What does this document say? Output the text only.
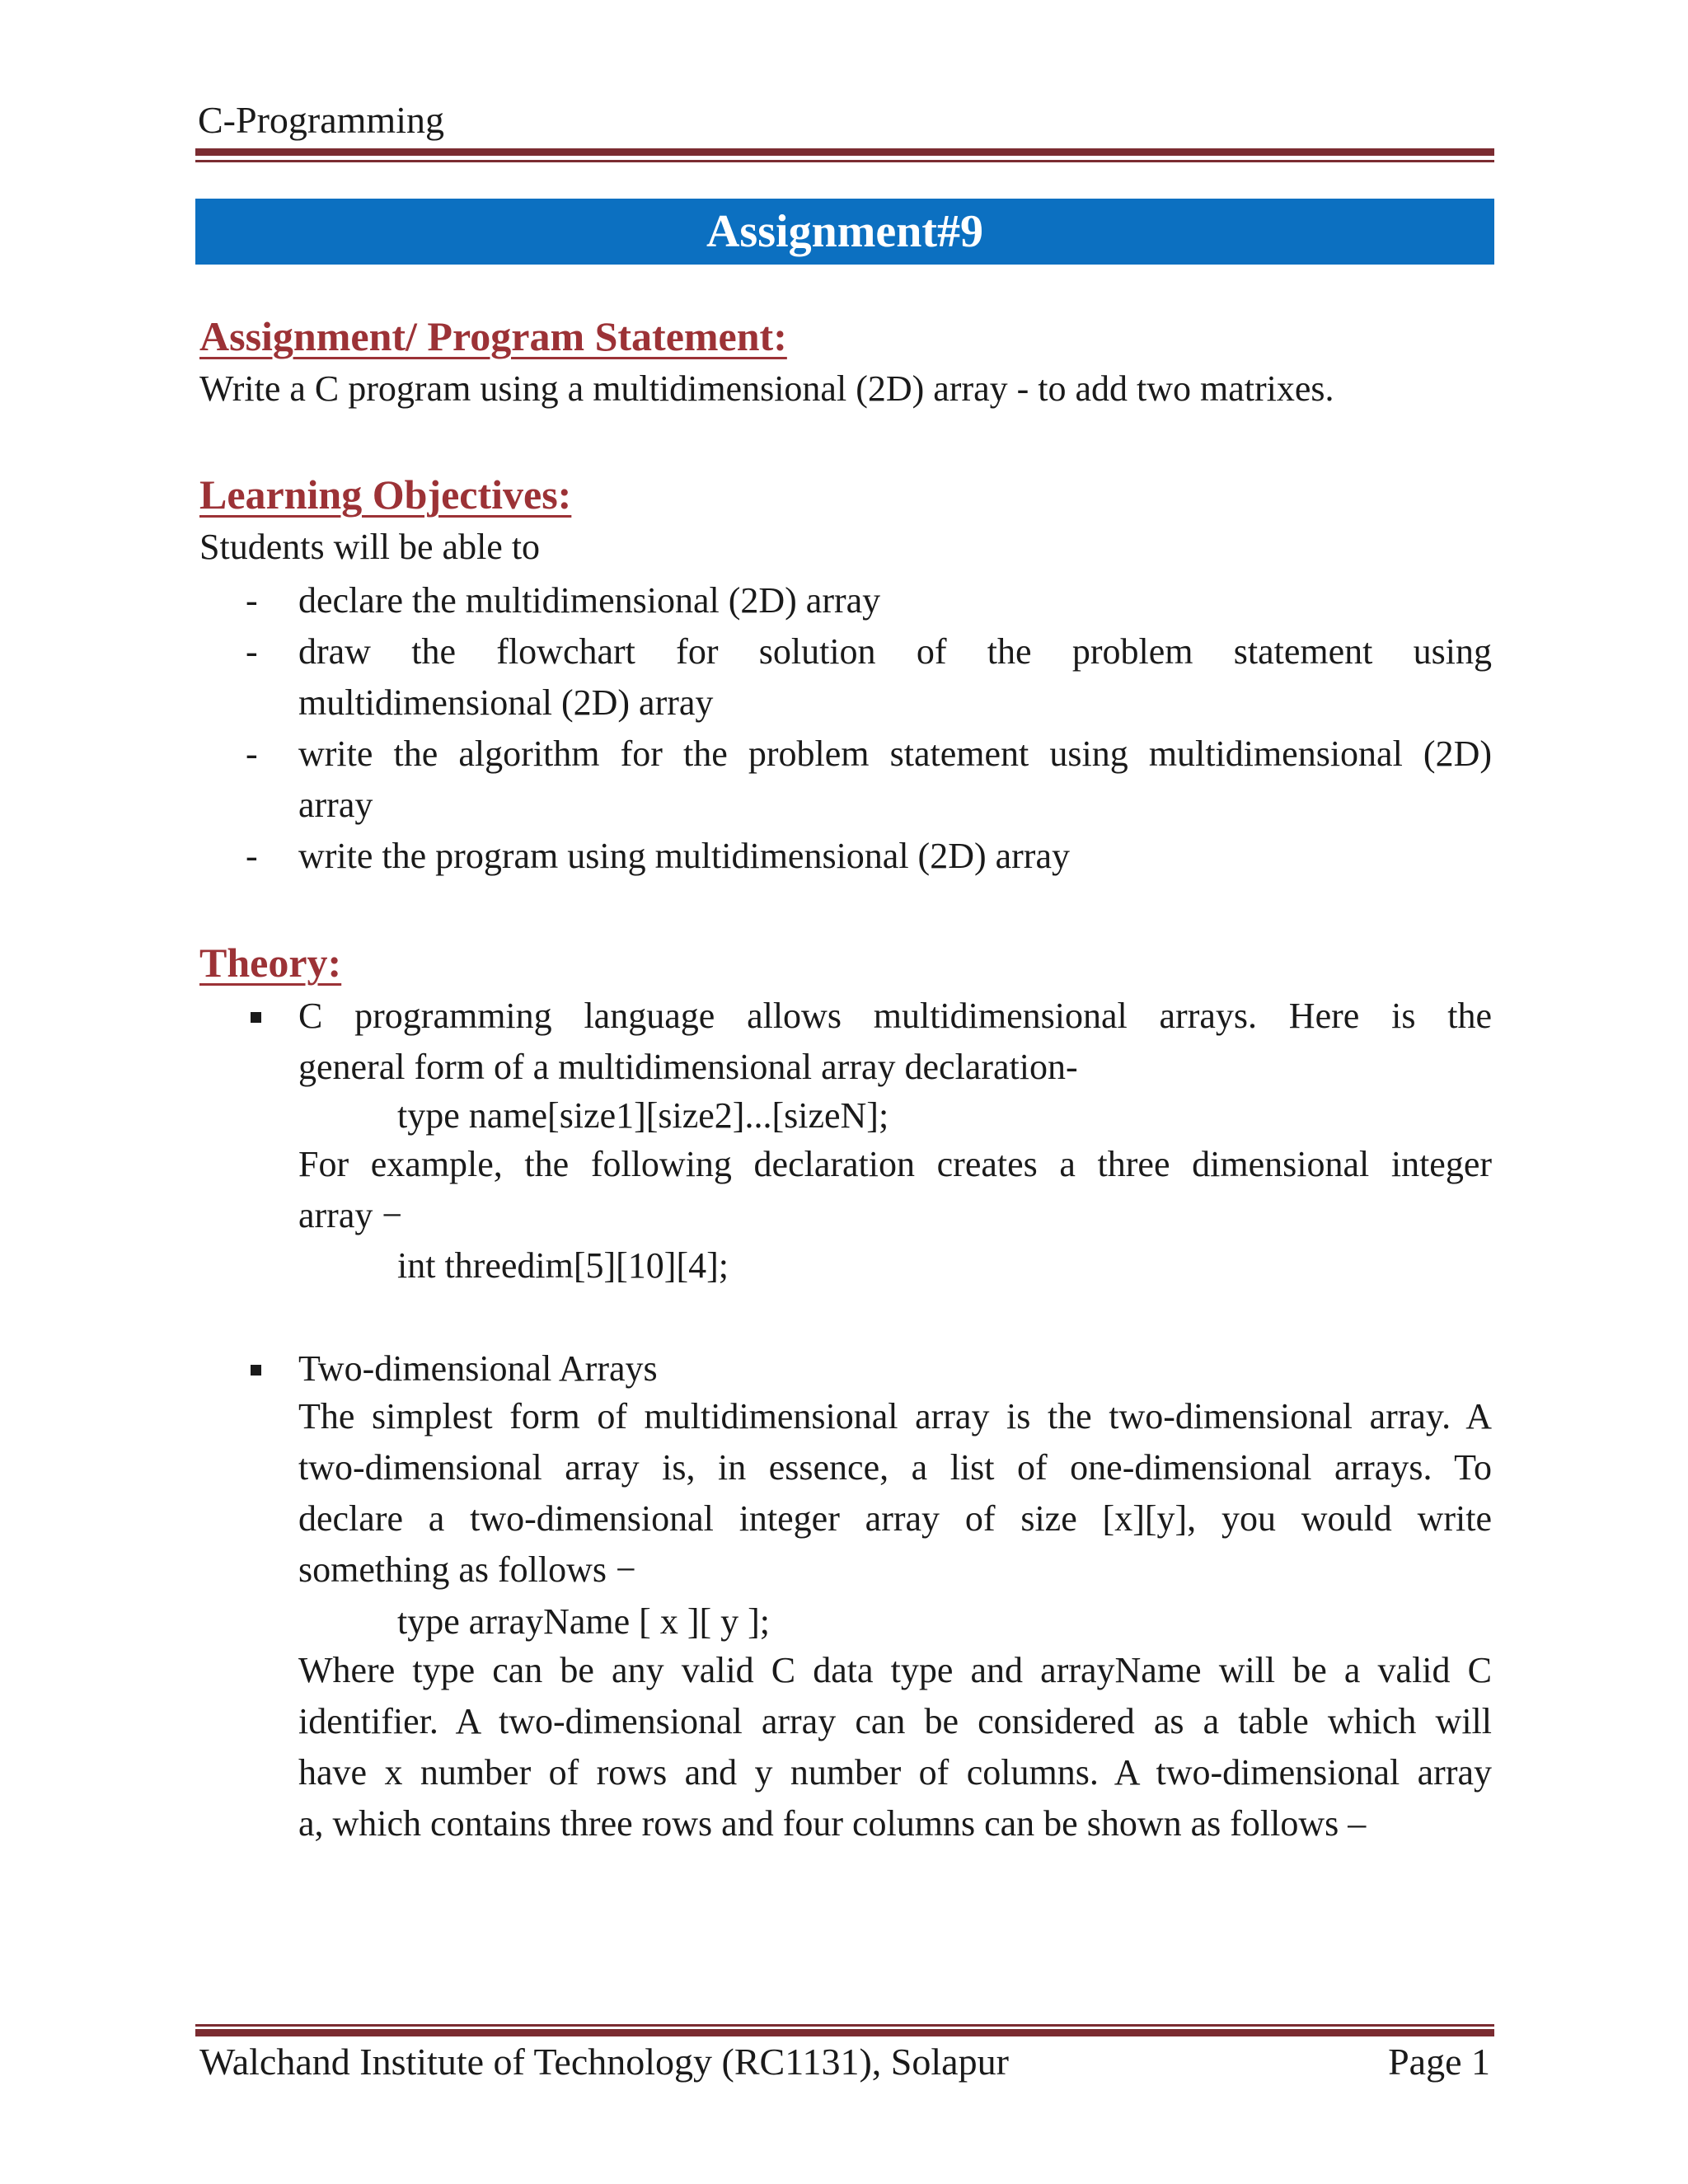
C-Programming
Assignment#9
Assignment/ Program Statement:
Write a C program using a multidimensional (2D) array - to add two matrixes.
Learning Objectives:
Students will be able to
- declare the multidimensional (2D) array
- draw the flowchart for solution of the problem statement using
multidimensional (2D) array
- write the algorithm for the problem statement using multidimensional (2D)
array
- write the program using multidimensional (2D) array
Theory:
C programming language allows multidimensional arrays. Here is the
general form of a multidimensional array declaration-
type name[size1][size2]...[sizeN];
For example, the following declaration creates a three dimensional integer
array −
int threedim[5][10][4];
Two-dimensional Arrays
The simplest form of multidimensional array is the two-dimensional array. A
two-dimensional array is, in essence, a list of one-dimensional arrays. To
declare a two-dimensional integer array of size [x][y], you would write
something as follows −
type arrayName [ x ][ y ];
Where type can be any valid C data type and arrayName will be a valid C
identifier. A two-dimensional array can be considered as a table which will
have x number of rows and y number of columns. A two-dimensional array
a, which contains three rows and four columns can be shown as follows –
Walchand Institute of Technology (RC1131), Solapur	Page 1
